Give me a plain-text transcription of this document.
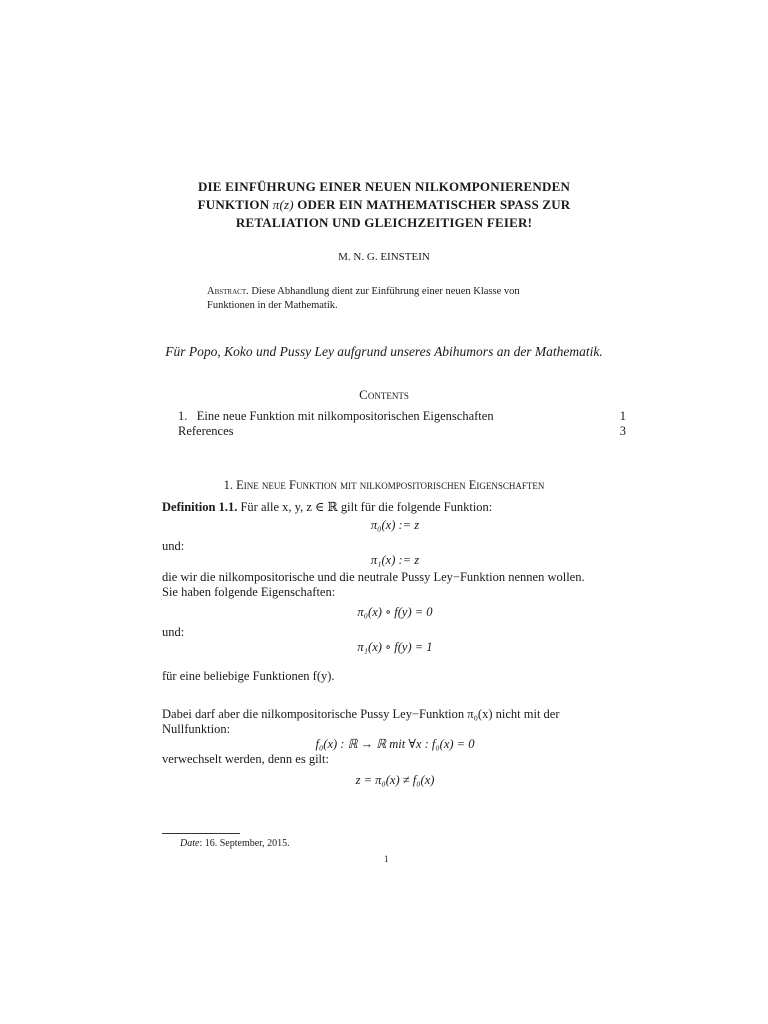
DIE EINFÜHRUNG EINER NEUEN NILKOMPONIERENDEN
FUNKTION π(z) ODER EIN MATHEMATISCHER SPASS ZUR
RETALIATION UND GLEICHZEITIGEN FEIER!
M. N. G. EINSTEIN
Abstract. Diese Abhandlung dient zur Einführung einer neuen Klasse von Funktionen in der Mathematik.
Für Popo, Koko und Pussy Ley aufgrund unseres Abihumors an der Mathematik.
Contents
1.   Eine neue Funktion mit nilkompositorischen Eigenschaften	1
References	3
1. Eine neue Funktion mit nilkompositorischen Eigenschaften
Definition 1.1. Für alle x, y, z ∈ ℝ gilt für die folgende Funktion:
π₀(x) := z
und:
π₁(x) := z
die wir die nilkompositorische und die neutrale Pussy Ley−Funktion nennen wollen.
Sie haben folgende Eigenschaften:
π₀(x) ∘ f(y) = 0
und:
π₁(x) ∘ f(y) = 1
für eine beliebige Funktionen f(y).
Dabei darf aber die nilkompositorische Pussy Ley−Funktion π₀(x) nicht mit der
Nullfunktion:
f₀(x) : ℝ → ℝ mit ∀x : f₀(x) = 0
verwechselt werden, denn es gilt:
z = π₀(x) ≠ f₀(x)
Date: 16. September, 2015.
1
